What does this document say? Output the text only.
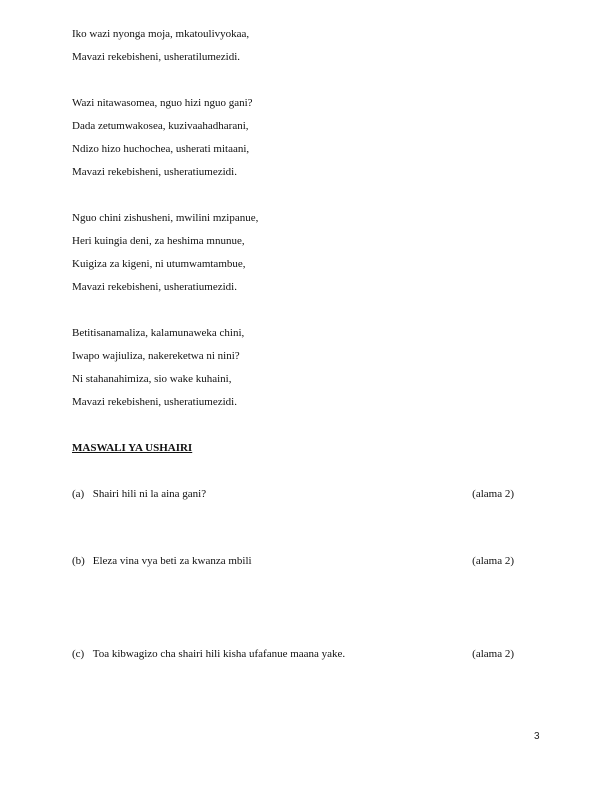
Iko wazi nyonga moja, mkatoulivyokaa,
Mavazi rekebisheni, usheratilumezidi.
Wazi nitawasomea, nguo hizi nguo gani?
Dada zetumwakosea, kuzivaahadharani,
Ndizo hizo huchochea, usherati mitaani,
Mavazi rekebisheni, usheratiumezidi.
Nguo chini zishusheni, mwilini mzipanue,
Heri kuingia deni, za heshima mnunue,
Kuigiza za kigeni, ni utumwamtambue,
Mavazi rekebisheni, usheratiumezidi.
Betitisanamaliza, kalamunaweka chini,
Iwapo wajiuliza, nakereketwa ni nini?
Ni stahanahimiza, sio wake kuhaini,
Mavazi rekebisheni, usheratiumezidi.
MASWALI YA USHAIRI
(a) Shairi hili ni la aina gani?	(alama 2)
(b) Eleza vina vya beti za kwanza mbili	(alama 2)
(c) Toa kibwagizo cha shairi hili kisha ufafanue maana yake.	(alama 2)
3
